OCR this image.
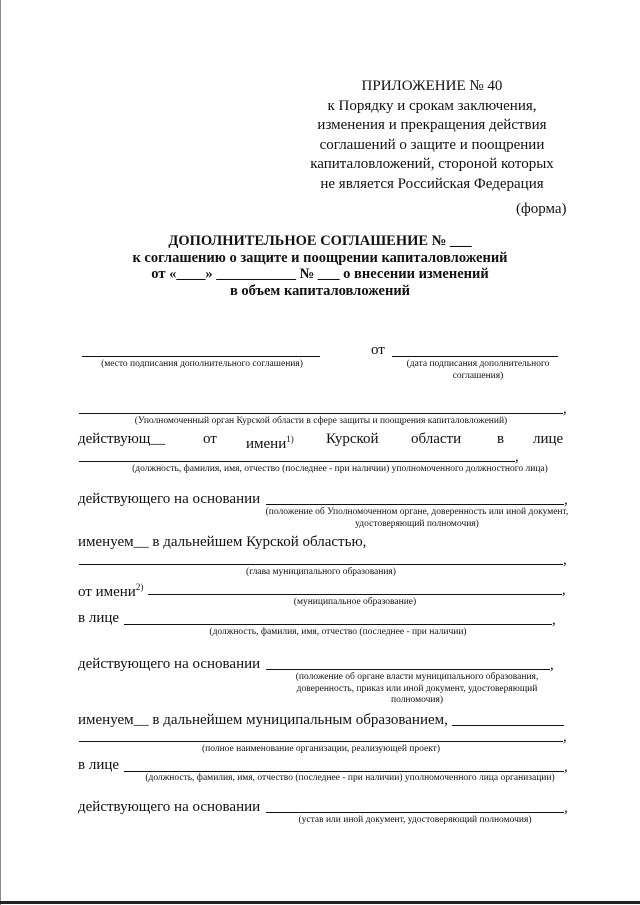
ПРИЛОЖЕНИЕ № 40
к Порядку и срокам заключения,
изменения и прекращения действия
соглашений о защите и поощрении
капиталовложений, стороной которых
не является Российская Федерация
(форма)
ДОПОЛНИТЕЛЬНОЕ СОГЛАШЕНИЕ № ___
к соглашению о защите и поощрении капиталовложений
от «____» ___________ № ___ о внесении изменений
в объем капиталовложений
(место подписания дополнительного соглашения)
от
(дата подписания дополнительного соглашения)
,
(Уполномоченный орган Курской области в сфере защиты и поощрения капиталовложений)
действующ__	от имени$^{1)}$ Курской области в лице
,
(должность, фамилия, имя, отчество (последнее - при наличии) уполномоченного должностного лица)
действующего на основании	,
(положение об Уполномоченном органе, доверенность или иной документ, удостоверяющий полномочия)
именуем__ в дальнейшем Курской областью,
,
(глава муниципального образования)
от имени$^{2)}$	,
(муниципальное образование)
в лице	,
(должность, фамилия, имя, отчество (последнее - при наличии)
действующего на основании	,
(положение об органе власти муниципального образования, доверенность, приказ или иной документ, удостоверяющий полномочия)
именуем__ в дальнейшем муниципальным образованием,
,
(полное наименование организации, реализующей проект)
в лице	,
(должность, фамилия, имя, отчество (последнее - при наличии) уполномоченного лица организации)
действующего на основании	,
(устав или иной документ, удостоверяющий полномочия)
